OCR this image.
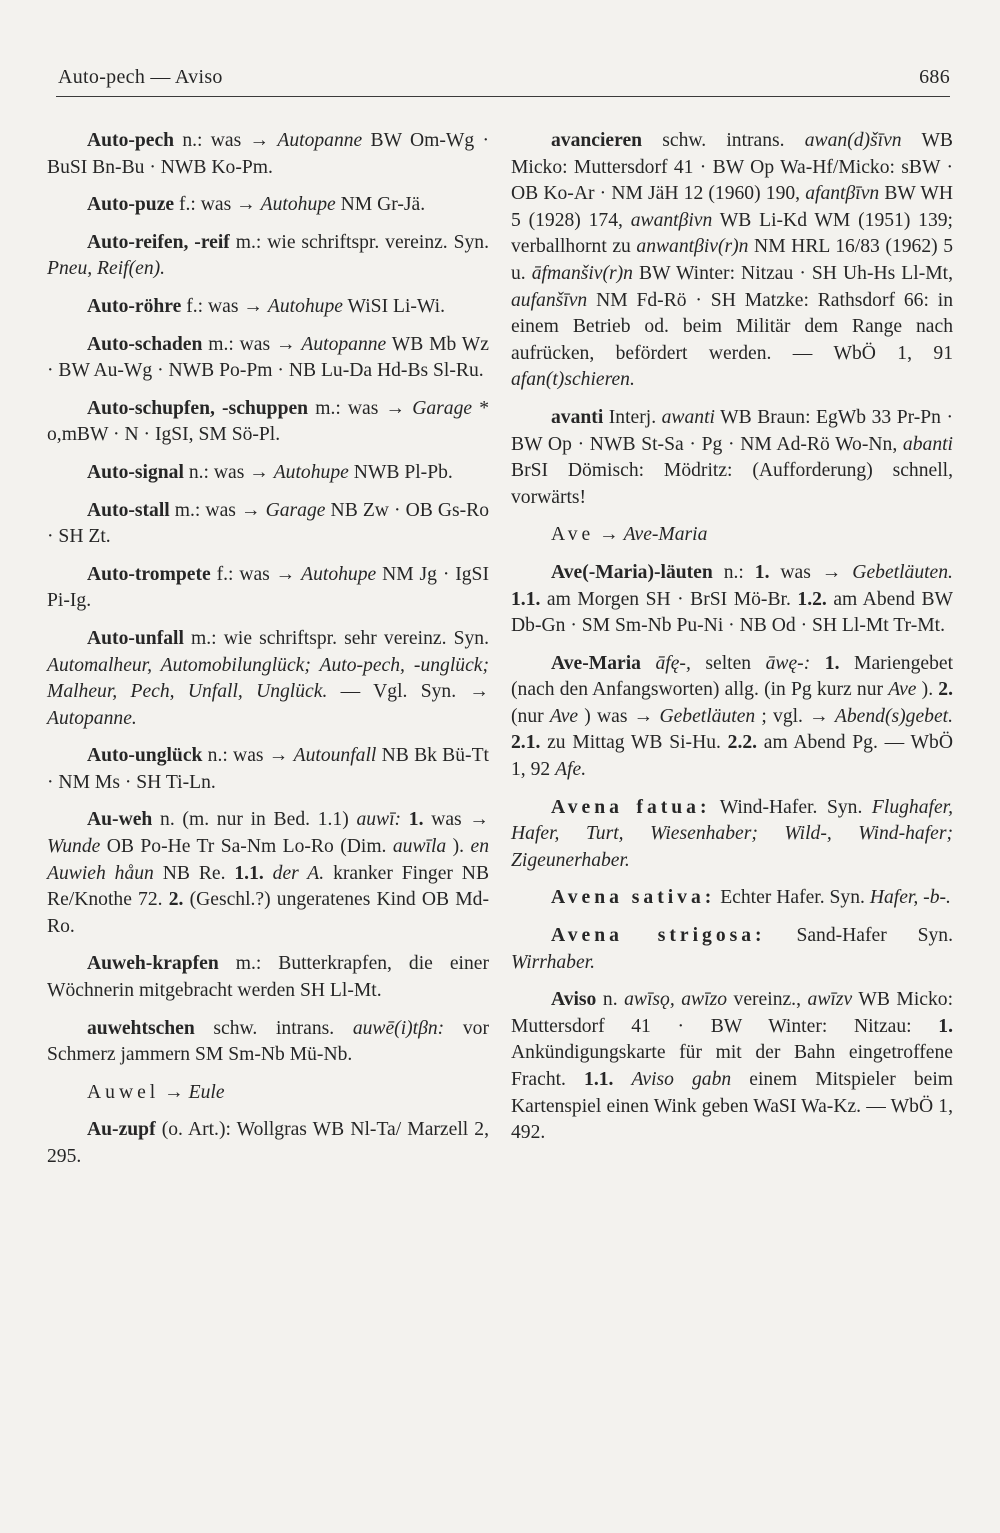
Auto-pech — Aviso	686

Auto-pech n.: was → Autopanne BW Om-Wg · BuSI Bn-Bu · NWB Ko-Pm.

Auto-puze f.: was → Autohupe NM Gr-Jä.

Auto-reifen, -reif m.: wie schriftspr. vereinz. Syn. Pneu, Reif(en).

Auto-röhre f.: was → Autohupe WiSI Li-Wi.

Auto-schaden m.: was → Autopanne WB Mb Wz · BW Au-Wg · NWB Po-Pm · NB Lu-Da Hd-Bs Sl-Ru.

Auto-schupfen, -schuppen m.: was → Garage * o,mBW · N · IgSI, SM Sö-Pl.

Auto-signal n.: was → Autohupe NWB Pl-Pb.

Auto-stall m.: was → Garage NB Zw · OB Gs-Ro · SH Zt.

Auto-trompete f.: was → Autohupe NM Jg · IgSI Pi-Ig.

Auto-unfall m.: wie schriftspr. sehr vereinz. Syn. Automalheur, Automobilunglück; Auto-pech, -unglück; Malheur, Pech, Unfall, Unglück. — Vgl. Syn. → Autopanne.

Auto-unglück n.: was → Autounfall NB Bk Bü-Tt · NM Ms · SH Ti-Ln.

Au-weh n. (m. nur in Bed. 1.1) auwī: 1. was → Wunde OB Po-He Tr Sa-Nm Lo-Ro (Dim. auwīla ). en Auwieh håun NB Re. 1.1. der A. kranker Finger NB Re/Knothe 72. 2. (Geschl.?) ungeratenes Kind OB Md-Ro.

Auweh-krapfen m.: Butterkrapfen, die einer Wöchnerin mitgebracht werden SH Ll-Mt.

auwehtschen schw. intrans. auwē(i)tβn: vor Schmerz jammern SM Sm-Nb Mü-Nb.

Auwel → Eule

Au-zupf (o. Art.): Wollgras WB Nl-Ta/ Marzell 2, 295.

avancieren schw. intrans. awan(d)šīvn WB Micko: Muttersdorf 41 · BW Op Wa-Hf/Micko: sBW · OB Ko-Ar · NM JäH 12 (1960) 190, afantβīvn BW WH 5 (1928) 174, awantβivn WB Li-Kd WM (1951) 139; verballhornt zu anwantβiv(r)n NM HRL 16/83 (1962) 5 u. āfmanšiv(r)n BW Winter: Nitzau · SH Uh-Hs Ll-Mt, aufanšīvn NM Fd-Rö · SH Matzke: Rathsdorf 66: in einem Betrieb od. beim Militär dem Range nach aufrücken, befördert werden. — WbÖ 1, 91 afan(t)schieren.

avanti Interj. awanti WB Braun: EgWb 33 Pr-Pn · BW Op · NWB St-Sa · Pg · NM Ad-Rö Wo-Nn, abanti BrSI Dömisch: Mödritz: (Aufforderung) schnell, vorwärts!

Ave → Ave-Maria

Ave(-Maria)-läuten n.: 1. was → Gebetläuten. 1.1. am Morgen SH · BrSI Mö-Br. 1.2. am Abend BW Db-Gn · SM Sm-Nb Pu-Ni · NB Od · SH Ll-Mt Tr-Mt.

Ave-Maria āfę-, selten āwę-: 1. Mariengebet (nach den Anfangsworten) allg. (in Pg kurz nur Ave ). 2. (nur Ave ) was → Gebetläuten ; vgl. → Abend(s)gebet. 2.1. zu Mittag WB Si-Hu. 2.2. am Abend Pg. — WbÖ 1, 92 Afe.

Avena fatua: Wind-Hafer. Syn. Flughafer, Hafer, Turt, Wiesenhaber; Wild-, Wind-hafer; Zigeunerhaber.

Avena sativa: Echter Hafer. Syn. Hafer, -b-.

Avena strigosa: Sand-Hafer Syn. Wirrhaber.

Aviso n. awīsǫ, awīzo vereinz., awīzv WB Micko: Muttersdorf 41 · BW Winter: Nitzau: 1. Ankündigungskarte für mit der Bahn eingetroffene Fracht. 1.1. Aviso gabn einem Mitspieler beim Kartenspiel einen Wink geben WaSI Wa-Kz. — WbÖ 1, 492.
